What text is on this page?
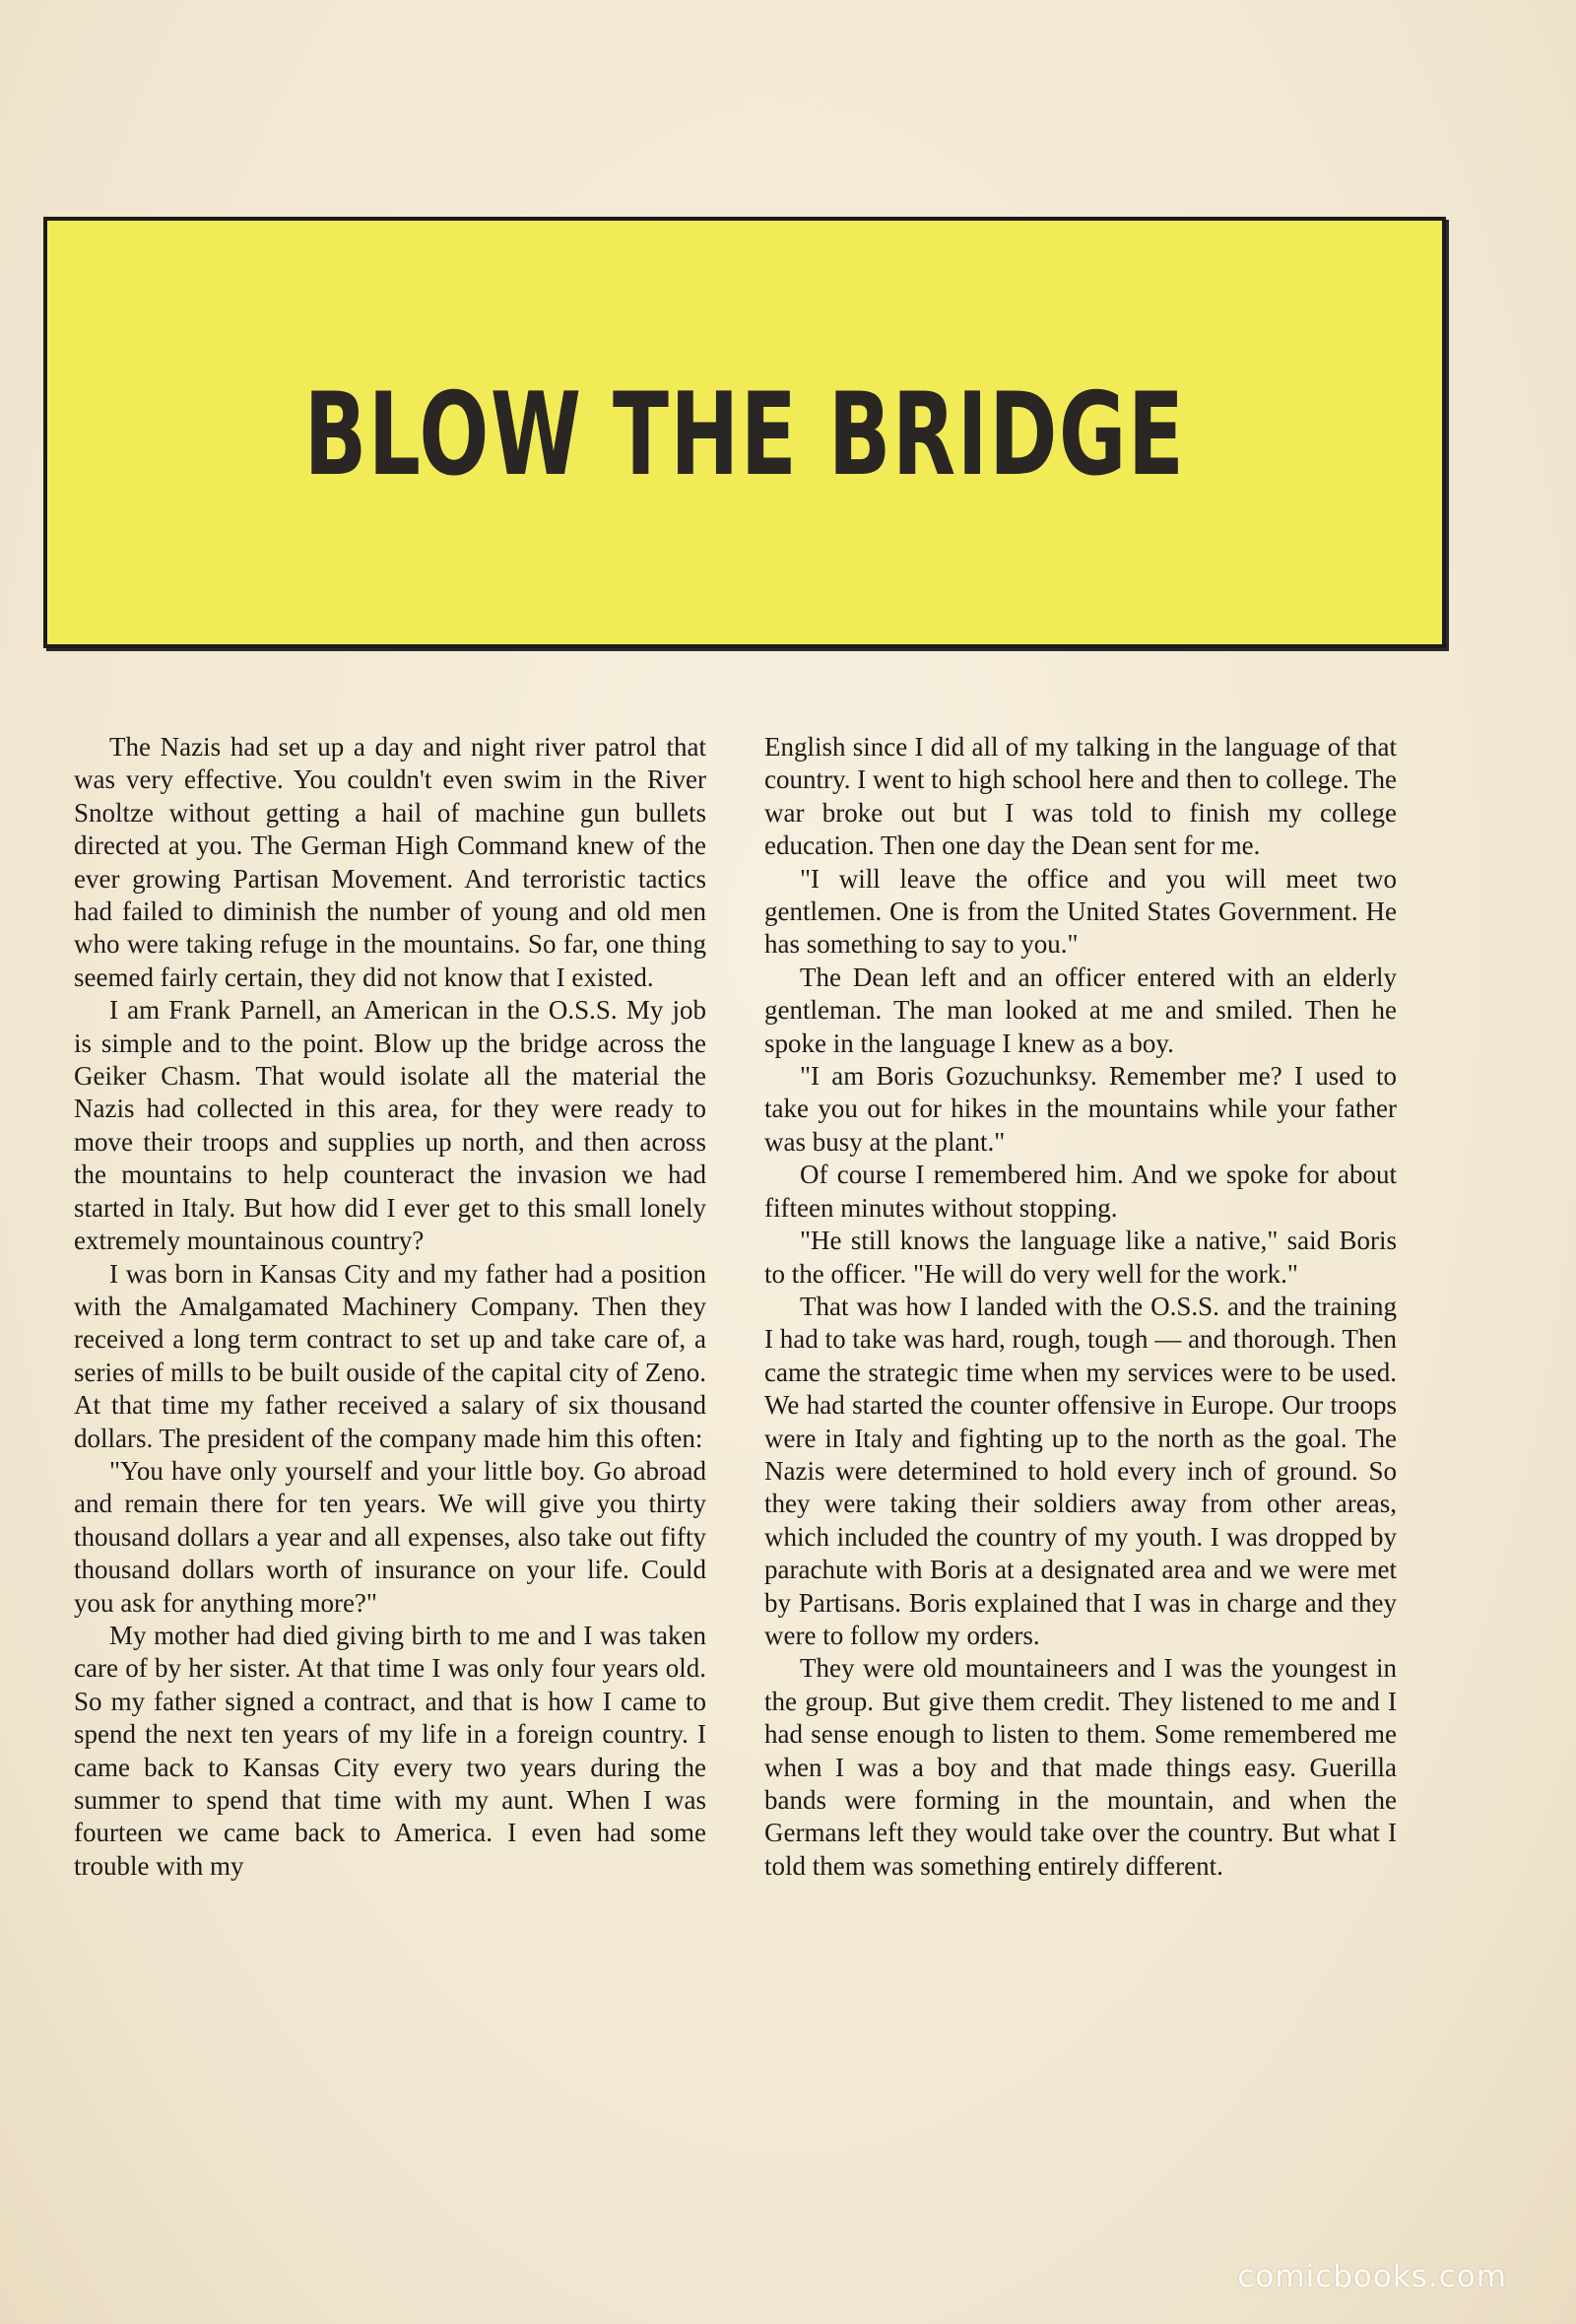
BLOW THE BRIDGE

The Nazis had set up a day and night river patrol that was very effective. You couldn't even swim in the River Snoltze without getting a hail of machine gun bullets directed at you. The German High Command knew of the ever growing Partisan Movement. And terroristic tactics had failed to diminish the number of young and old men who were taking refuge in the mountains. So far, one thing seemed fairly certain, they did not know that I existed.

I am Frank Parnell, an American in the O.S.S. My job is simple and to the point. Blow up the bridge across the Geiker Chasm. That would isolate all the material the Nazis had collected in this area, for they were ready to move their troops and supplies up north, and then across the mountains to help counteract the invasion we had started in Italy. But how did I ever get to this small lonely extremely mountainous country?

I was born in Kansas City and my father had a position with the Amalgamated Machinery Company. Then they received a long term contract to set up and take care of, a series of mills to be built ouside of the capital city of Zeno. At that time my father received a salary of six thousand dollars. The president of the company made him this often:

"You have only yourself and your little boy. Go abroad and remain there for ten years. We will give you thirty thousand dollars a year and all expenses, also take out fifty thousand dollars worth of insurance on your life. Could you ask for anything more?"

My mother had died giving birth to me and I was taken care of by her sister. At that time I was only four years old. So my father signed a contract, and that is how I came to spend the next ten years of my life in a foreign country. I came back to Kansas City every two years during the summer to spend that time with my aunt. When I was fourteen we came back to America. I even had some trouble with my

English since I did all of my talking in the language of that country. I went to high school here and then to college. The war broke out but I was told to finish my college education. Then one day the Dean sent for me.

"I will leave the office and you will meet two gentlemen. One is from the United States Government. He has something to say to you."

The Dean left and an officer entered with an elderly gentleman. The man looked at me and smiled. Then he spoke in the language I knew as a boy.

"I am Boris Gozuchunksy. Remember me? I used to take you out for hikes in the mountains while your father was busy at the plant."

Of course I remembered him. And we spoke for about fifteen minutes without stopping.

"He still knows the language like a native," said Boris to the officer. "He will do very well for the work."

That was how I landed with the O.S.S. and the training I had to take was hard, rough, tough — and thorough. Then came the strategic time when my services were to be used. We had started the counter offensive in Europe. Our troops were in Italy and fighting up to the north as the goal. The Nazis were determined to hold every inch of ground. So they were taking their soldiers away from other areas, which included the country of my youth. I was dropped by parachute with Boris at a designated area and we were met by Partisans. Boris explained that I was in charge and they were to follow my orders.

They were old mountaineers and I was the youngest in the group. But give them credit. They listened to me and I had sense enough to listen to them. Some remembered me when I was a boy and that made things easy. Guerilla bands were forming in the mountain, and when the Germans left they would take over the country. But what I told them was something entirely different.

comicbooks.com
